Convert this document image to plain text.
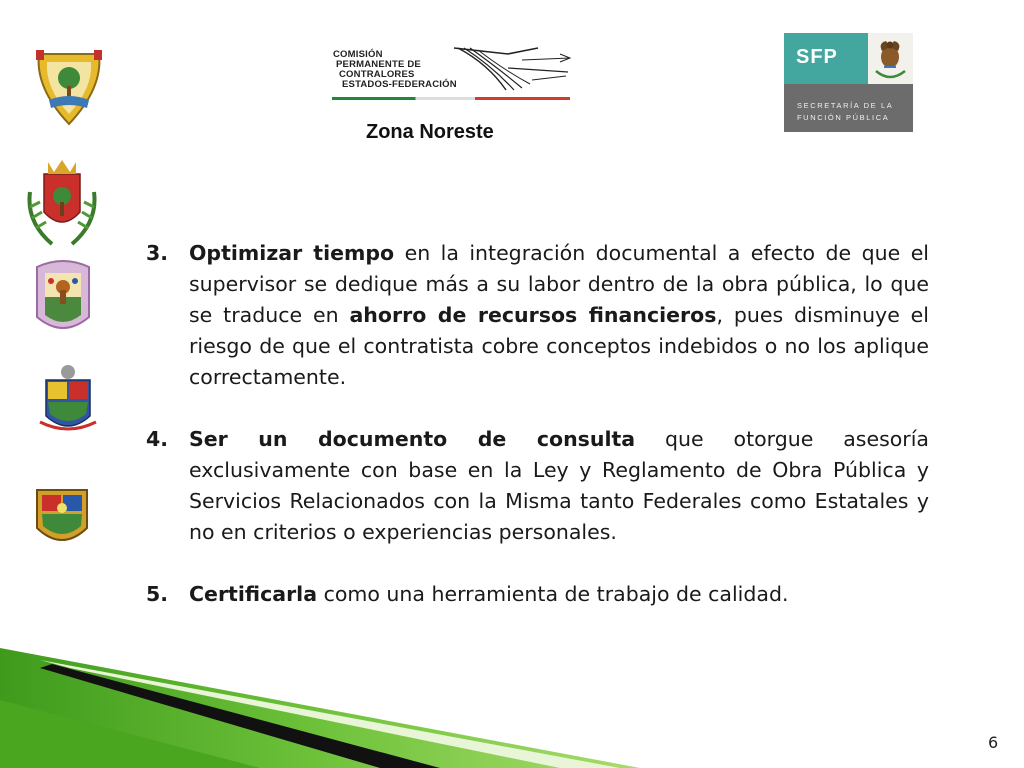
COMISIÓN
PERMANENTE DE
CONTRALORES
ESTADOS-FEDERACIÓN
Zona Noreste
SFP
SECRETARÍA DE LA
FUNCIÓN PÚBLICA
3. Optimizar tiempo en la integración documental a efecto de que el supervisor se dedique más a su labor dentro de la obra pública, lo que se traduce en ahorro de recursos financieros, pues disminuye el riesgo de que el contratista cobre conceptos indebidos o no los aplique correctamente.
4. Ser un documento de consulta que otorgue asesoría exclusivamente con base en la Ley y Reglamento de Obra Pública y Servicios Relacionados con la Misma tanto Federales como Estatales y no en criterios o experiencias personales.
5. Certificarla como una herramienta de trabajo de calidad.
6
